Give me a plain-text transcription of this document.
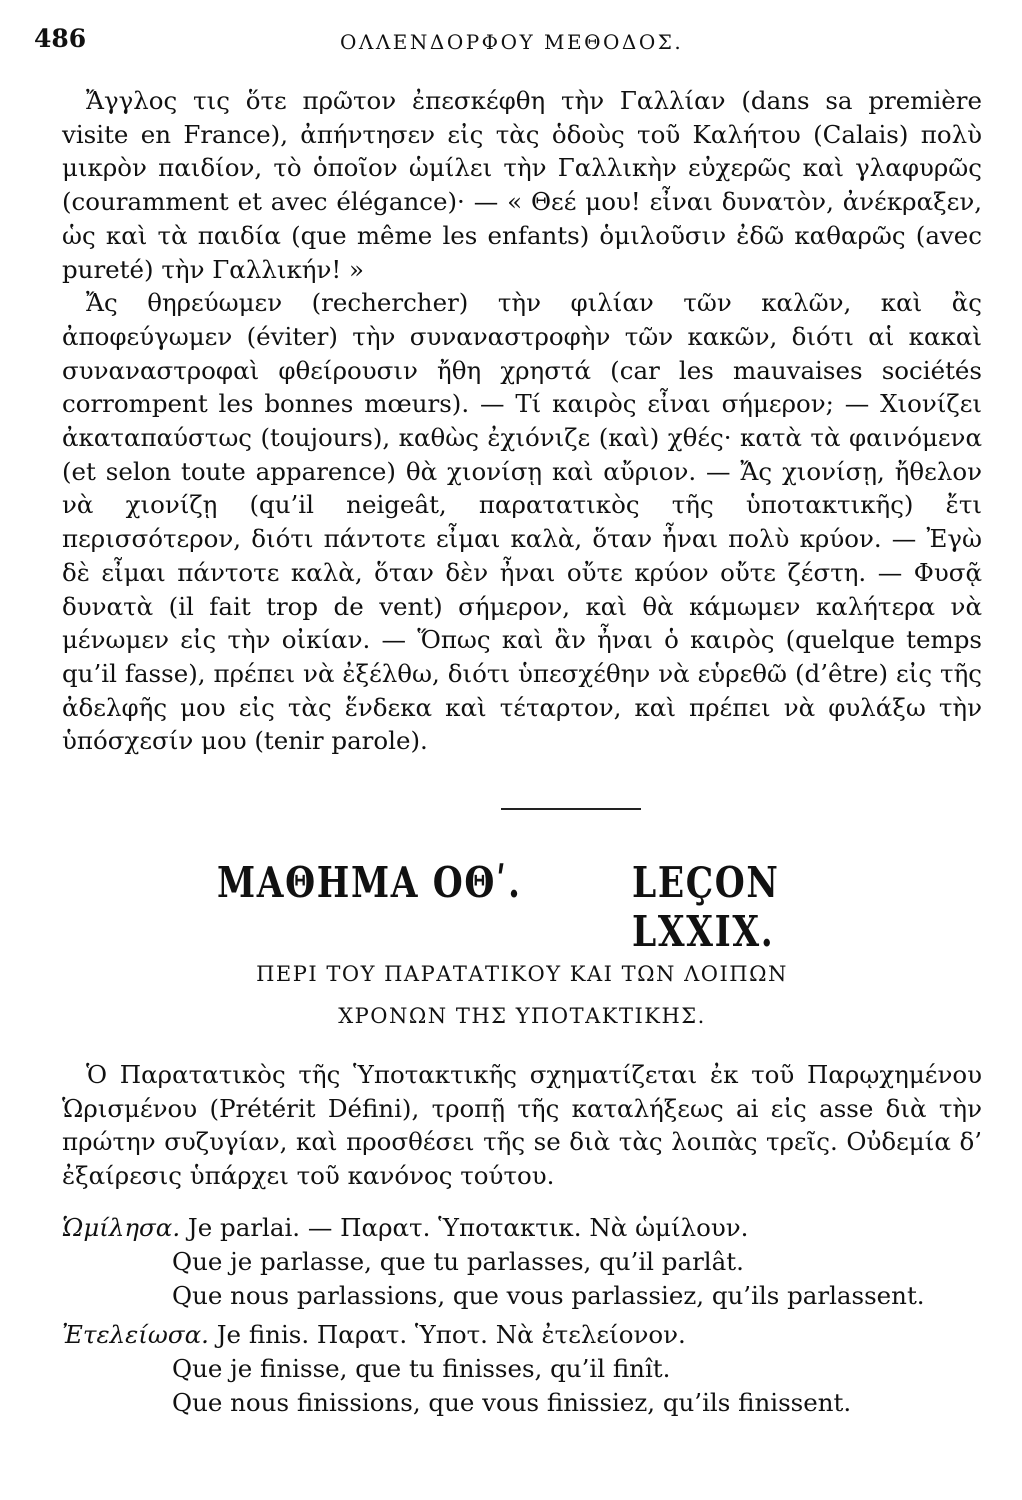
486	ΟΛΛΕΝΔΟΡΦΟΥ ΜΕΘΟΔΟΣ.

Ἄγγλος τις ὅτε πρῶτον ἐπεσκέφθη τὴν Γαλλίαν (dans sa première visite en France), ἀπήντησεν εἰς τὰς ὁδοὺς τοῦ Καλήτου (Calais) πολὺ μικρὸν παιδίον, τὸ ὁποῖον ὡμίλει τὴν Γαλλικὴν εὐχερῶς καὶ γλαφυρῶς (couramment et avec élégance)· — « Θεέ μου! εἶναι δυνατὸν, ἀνέκραξεν, ὡς καὶ τὰ παιδία (que même les enfants) ὁμιλοῦσιν ἐδῶ καθαρῶς (avec pureté) τὴν Γαλλικήν! »

Ἄς θηρεύωμεν (rechercher) τὴν φιλίαν τῶν καλῶν, καὶ ἂς ἀποφεύγωμεν (éviter) τὴν συναναστροφὴν τῶν κακῶν, διότι αἱ κακαὶ συναναστροφαὶ φθείρουσιν ἤθη χρηστά (car les mauvaises sociétés corrompent les bonnes mœurs). — Τί καιρὸς εἶναι σήμερον; — Χιονίζει ἀκαταπαύστως (toujours), καθὼς ἐχιόνιζε (καὶ) χθές· κατὰ τὰ φαινόμενα (et selon toute apparence) θὰ χιονίσῃ καὶ αὔριον. — Ἄς χιονίσῃ, ἤθελον νὰ χιονίζῃ (qu’il neigeât, παρατατικὸς τῆς ὑποτακτικῆς) ἔτι περισσότερον, διότι πάντοτε εἶμαι καλὰ, ὅταν ἦναι πολὺ κρύον. — Ἐγὼ δὲ εἶμαι πάντοτε καλὰ, ὅταν δὲν ἦναι οὔτε κρύον οὔτε ζέστη. — Φυσᾷ δυνατὰ (il fait trop de vent) σήμερον, καὶ θὰ κάμωμεν καλήτερα νὰ μένωμεν εἰς τὴν οἰκίαν. — Ὅπως καὶ ἂν ἦναι ὁ καιρὸς (quelque temps qu’il fasse), πρέπει νὰ ἐξέλθω, διότι ὑπεσχέθην νὰ εὑρεθῶ (d’être) εἰς τῆς ἀδελφῆς μου εἰς τὰς ἕνδεκα καὶ τέταρτον, καὶ πρέπει νὰ φυλάξω τὴν ὑπόσχεσίν μου (tenir parole).

ΜΑΘΗΜΑ ΟΘʹ.	LEÇON LXXIX.
ΠΕΡΙ ΤΟΥ ΠΑΡΑΤΑΤΙΚΟΥ ΚΑΙ ΤΩΝ ΛΟΙΠΩΝ
ΧΡΟΝΩΝ ΤΗΣ ΥΠΟΤΑΚΤΙΚΗΣ.

Ὁ Παρατατικὸς τῆς Ὑποτακτικῆς σχηματίζεται ἐκ τοῦ Παρῳχημένου Ὡρισμένου (Prétérit Défini), τροπῇ τῆς καταλήξεως ai εἰς asse διὰ τὴν πρώτην συζυγίαν, καὶ προσθέσει τῆς se διὰ τὰς λοιπὰς τρεῖς. Οὐδεμία δ’ ἐξαίρεσις ὑπάρχει τοῦ κανόνος τούτου.

Ὡμίλησα. Je parlai. — Παρατ. Ὑποτακτικ. Νὰ ὡμίλουν.
Que je parlasse, que tu parlasses, qu’il parlât.
Que nous parlassions, que vous parlassiez, qu’ils parlassent.
Ἐτελείωσα. Je finis. Παρατ. Ὑποτ. Νὰ ἐτελείονον.
Que je finisse, que tu finisses, qu’il finît.
Que nous finissions, que vous finissiez, qu’ils finissent.
